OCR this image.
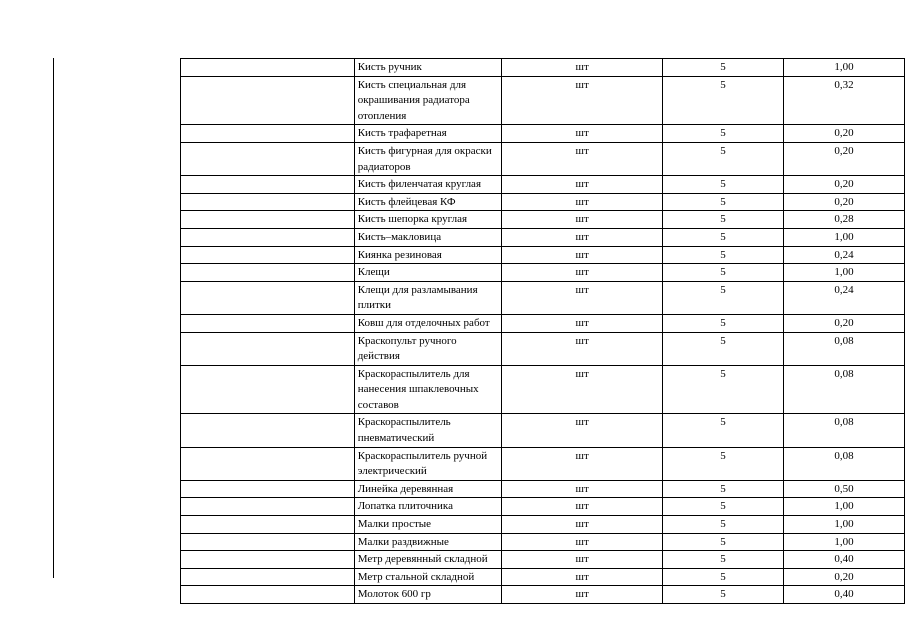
	Кисть ручник	шт	5	1,00
	Кисть специальная для окрашивания радиатора отопления	шт	5	0,32
	Кисть трафаретная	шт	5	0,20
	Кисть фигурная для окраски радиаторов	шт	5	0,20
	Кисть филенчатая круглая	шт	5	0,20
	Кисть флейцевая КФ	шт	5	0,20
	Кисть шепорка круглая	шт	5	0,28
	Кисть–макловица	шт	5	1,00
	Киянка резиновая	шт	5	0,24
	Клещи	шт	5	1,00
	Клещи для разламывания плитки	шт	5	0,24
	Ковш для отделочных работ	шт	5	0,20
	Краскопульт ручного действия	шт	5	0,08
	Краскораспылитель для нанесения шпаклевочных составов	шт	5	0,08
	Краскораспылитель пневматический	шт	5	0,08
	Краскораспылитель ручной электрический	шт	5	0,08
	Линейка деревянная	шт	5	0,50
	Лопатка плиточника	шт	5	1,00
	Малки простые	шт	5	1,00
	Малки раздвижные	шт	5	1,00
	Метр деревянный складной	шт	5	0,40
	Метр стальной складной	шт	5	0,20
	Молоток 600 гр	шт	5	0,40
